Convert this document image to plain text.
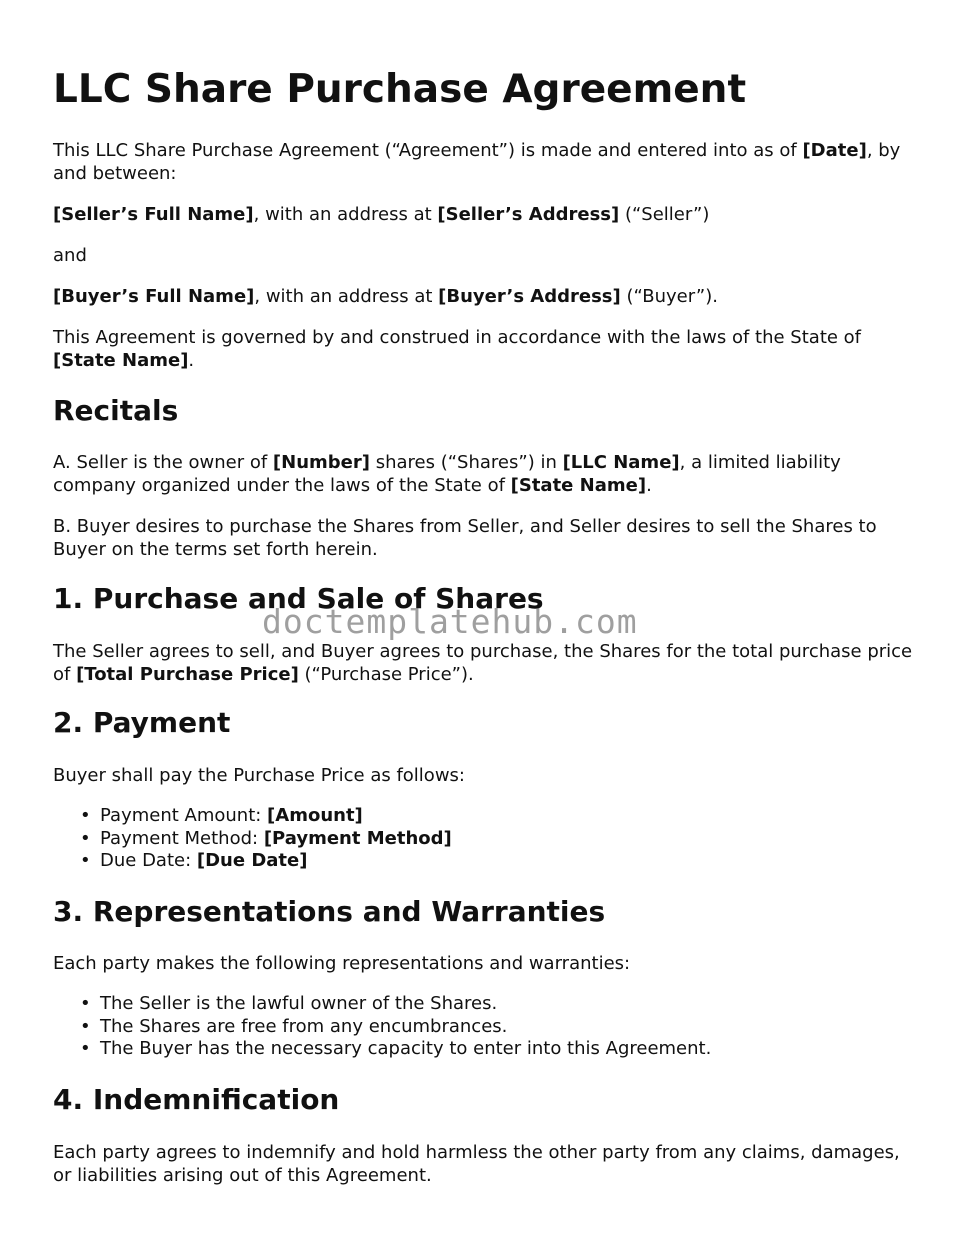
LLC Share Purchase Agreement

This LLC Share Purchase Agreement (“Agreement”) is made and entered into as of [Date], by and between:

[Seller’s Full Name], with an address at [Seller’s Address] (“Seller”)

and

[Buyer’s Full Name], with an address at [Buyer’s Address] (“Buyer”).

This Agreement is governed by and construed in accordance with the laws of the State of [State Name].

Recitals

A. Seller is the owner of [Number] shares (“Shares”) in [LLC Name], a limited liability company organized under the laws of the State of [State Name].

B. Buyer desires to purchase the Shares from Seller, and Seller desires to sell the Shares to Buyer on the terms set forth herein.

1. Purchase and Sale of Shares

The Seller agrees to sell, and Buyer agrees to purchase, the Shares for the total purchase price of [Total Purchase Price] (“Purchase Price”).

2. Payment

Buyer shall pay the Purchase Price as follows:

• Payment Amount: [Amount]
• Payment Method: [Payment Method]
• Due Date: [Due Date]
3. Representations and Warranties

Each party makes the following representations and warranties:

• The Seller is the lawful owner of the Shares.
• The Shares are free from any encumbrances.
• The Buyer has the necessary capacity to enter into this Agreement.
4. Indemnification

Each party agrees to indemnify and hold harmless the other party from any claims, damages, or liabilities arising out of this Agreement.

doctemplatehub.com
